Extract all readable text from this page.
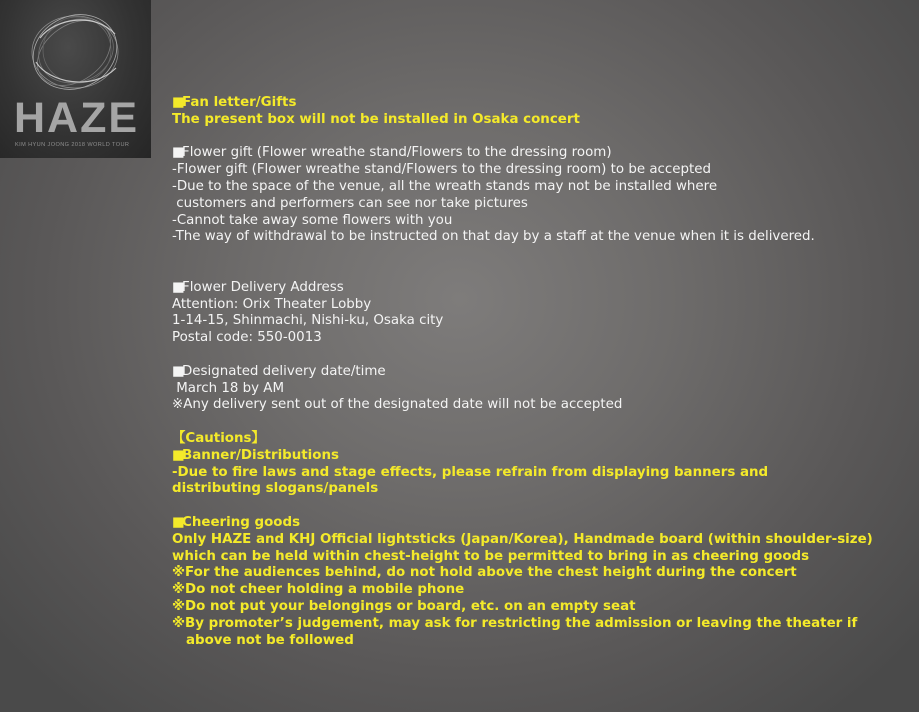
HAZE
KIM HYUN JOONG 2018 WORLD TOUR
■Fan letter/Gifts
The present box will not be installed in Osaka concert
■Flower gift (Flower wreathe stand/Flowers to the dressing room)
-Flower gift (Flower wreathe stand/Flowers to the dressing room) to be accepted
-Due to the space of the venue, all the wreath stands may not be installed where
customers and performers can see nor take pictures
-Cannot take away some flowers with you
-The way of withdrawal to be instructed on that day by a staff at the venue when it is delivered.
■Flower Delivery Address
Attention: Orix Theater Lobby
1-14-15, Shinmachi, Nishi-ku, Osaka city
Postal code: 550-0013
■Designated delivery date/time
March 18 by AM
※Any delivery sent out of the designated date will not be accepted
【Cautions】
■Banner/Distributions
-Due to fire laws and stage effects, please refrain from displaying banners and
distributing slogans/panels
■Cheering goods
Only HAZE and KHJ Official lightsticks (Japan/Korea), Handmade board (within shoulder-size)
which can be held within chest-height to be permitted to bring in as cheering goods
※For the audiences behind, do not hold above the chest height during the concert
※Do not cheer holding a mobile phone
※Do not put your belongings or board, etc. on an empty seat
※By promoter’s judgement, may ask for restricting the admission or leaving the theater if
above not be followed
